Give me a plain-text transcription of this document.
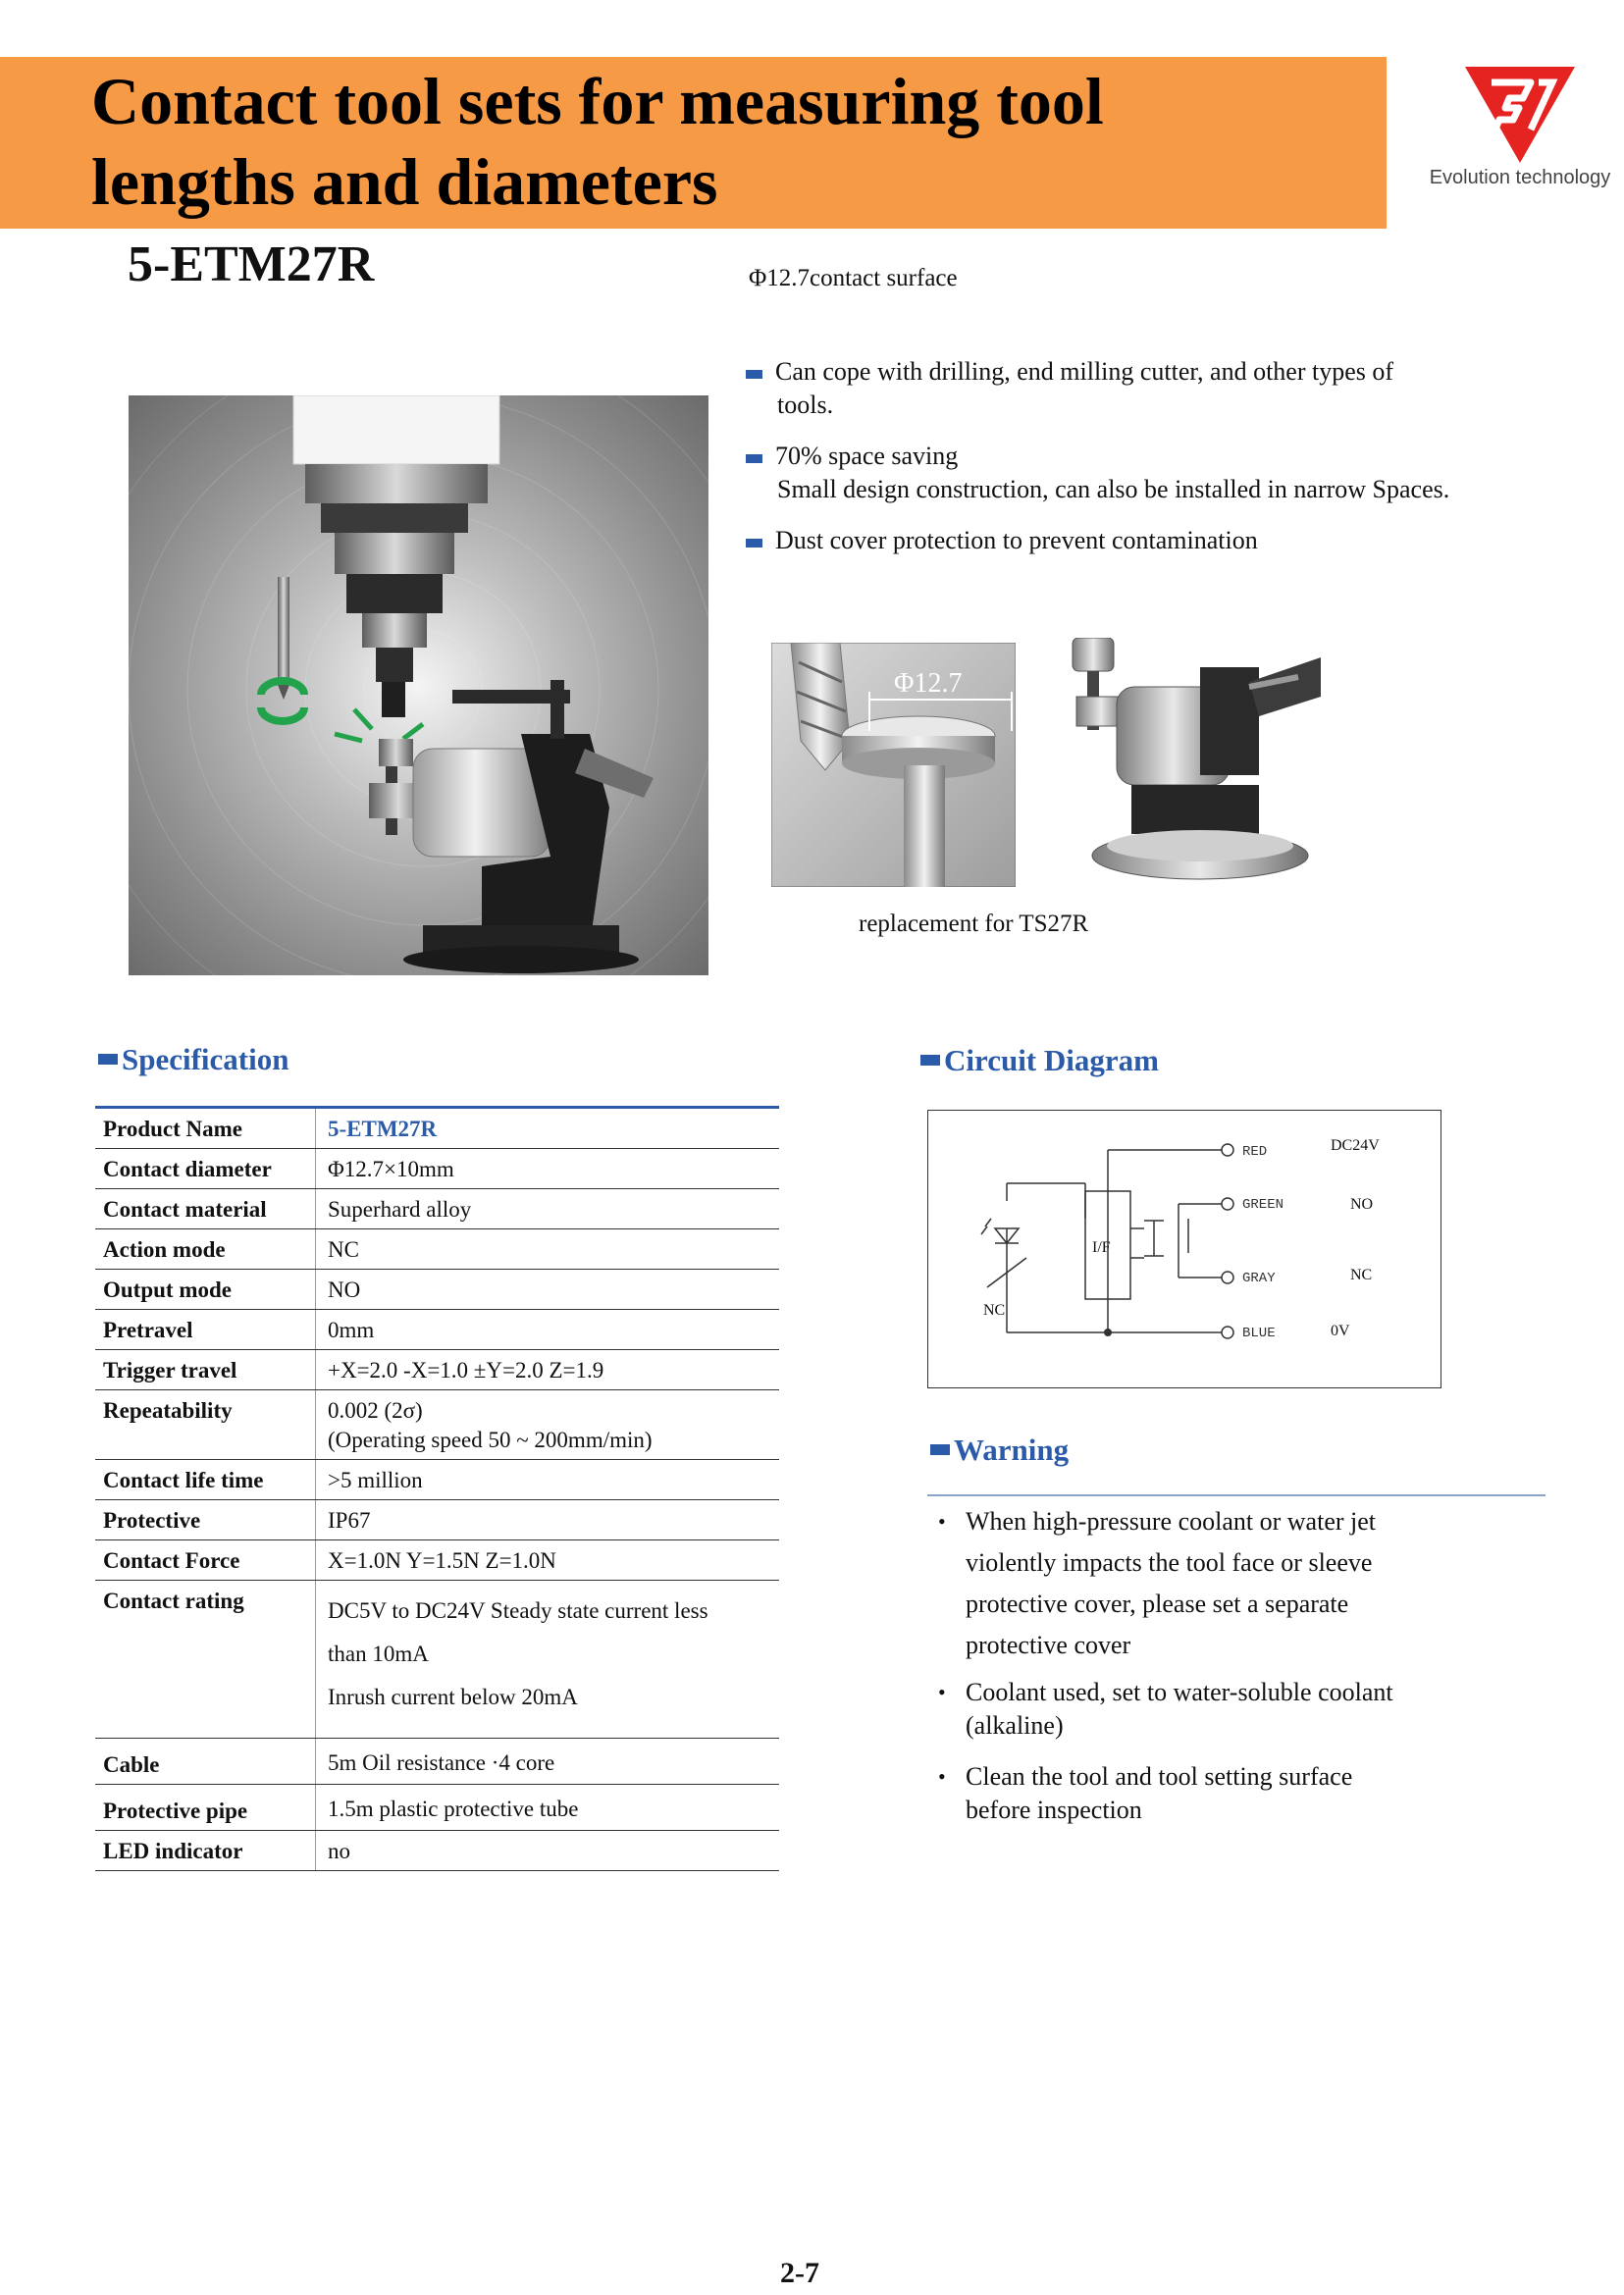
Contact tool sets for measuring tool
lengths and diameters	Evolution technology
5-ETM27R	Φ12.7contact surface
Can cope with drilling, end milling cutter, and other types of
tools.
70% space saving
Small design construction, can also be installed in narrow Spaces.
Dust cover protection to prevent contamination
Φ12.7
replacement for TS27R
Specification
Product Name	5-ETM27R
Contact diameter	Φ12.7×10mm
Contact material	Superhard alloy
Action mode	NC
Output mode	NO
Pretravel	0mm
Trigger travel	+X=2.0 -X=1.0 ±Y=2.0 Z=1.9
Repeatability	0.002 (2σ)
(Operating speed 50 ~ 200mm/min)

Contact life time	>5 million
Protective	IP67
Contact Force	X=1.0N Y=1.5N Z=1.0N
Contact rating	DC5V to DC24V Steady state current less
than 10mA
Inrush current below 20mA

Cable	5m Oil resistance ·4 core
Protective pipe	1.5m plastic protective tube
LED indicator	no
Circuit Diagram
RED
GREEN
GRAY
BLUE
DC24V
NO
NC
0V
I/F
NC
Warning
• When high-pressure coolant or water jet
violently impacts the tool face or sleeve
protective cover, please set a separate
protective cover
• Coolant used, set to water-soluble coolant
(alkaline)
• Clean the tool and tool setting surface
before inspection
2-7
